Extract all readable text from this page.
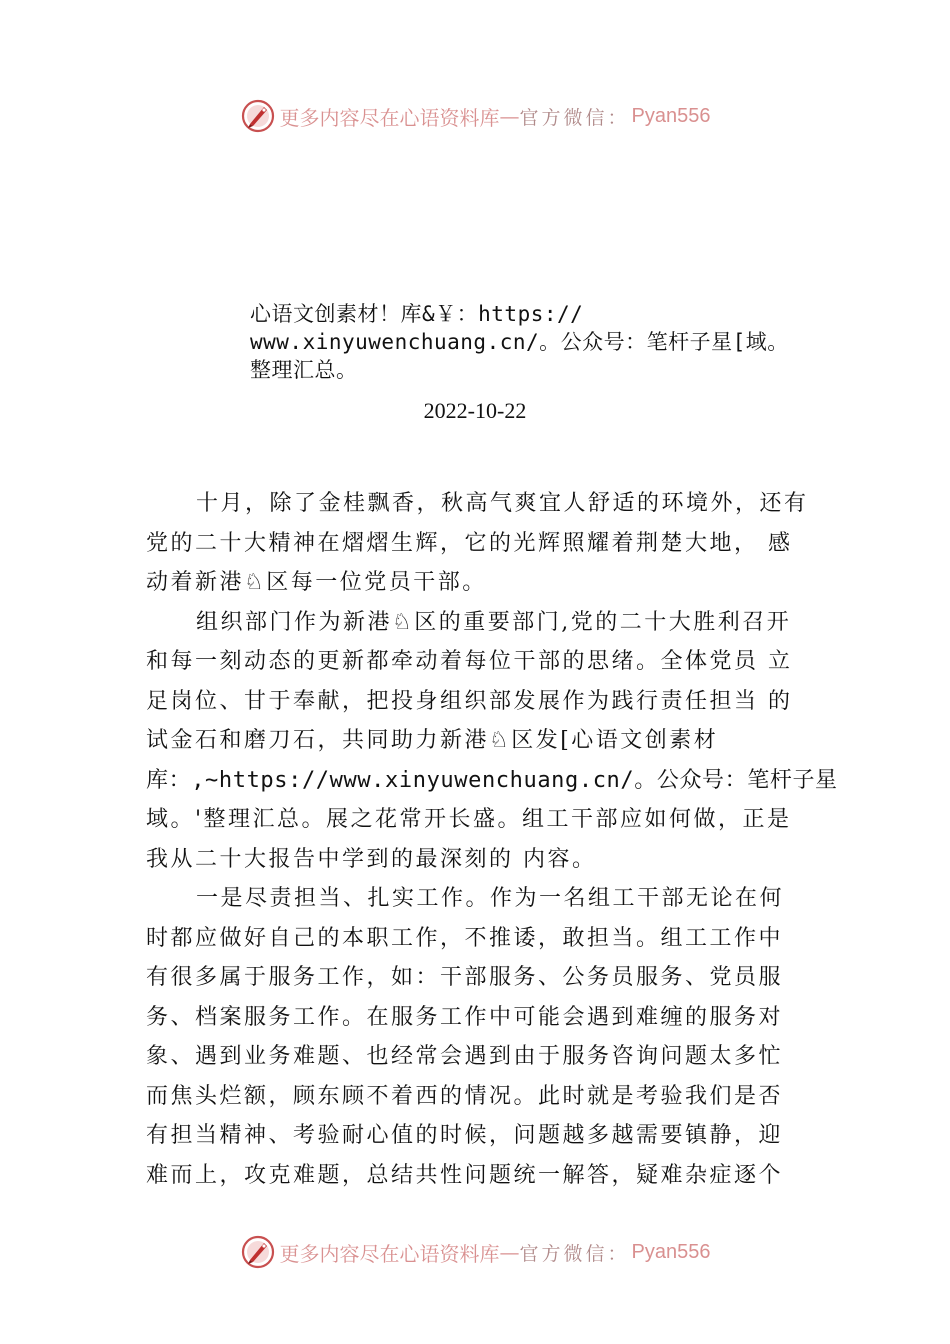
更多内容尽在心语资料库 — 官方微信： Pyan556
心语文创素材！库&￥：https://
www.xinyuwenchuang.cn/。公众号：笔杆子星[域。
整理汇总。
2022-10-22
十月，除了金桂飘香，秋高气爽宜人舒适的环境外，还有
党的二十大精神在熠熠生辉，它的光辉照耀着荆楚大地， 感
动着新港♘区每一位党员干部。
组织部门作为新港♘区的重要部门,党的二十大胜利召开
和每一刻动态的更新都牵动着每位干部的思绪。全体党员 立
足岗位、甘于奉献，把投身组织部发展作为践行责任担当 的
试金石和磨刀石，共同助力新港♘区发[心语文创素材
库：,~https://www.xinyuwenchuang.cn/。公众号：笔杆子星
域。'整理汇总。展之花常开长盛。组工干部应如何做，正是
我从二十大报告中学到的最深刻的 内容。
一是尽责担当、扎实工作。作为一名组工干部无论在何
时都应做好自己的本职工作，不推诿，敢担当。组工工作中
有很多属于服务工作，如：干部服务、公务员服务、党员服
务、档案服务工作。在服务工作中可能会遇到难缠的服务对
象、遇到业务难题、也经常会遇到由于服务咨询问题太多忙
而焦头烂额，顾东顾不着西的情况。此时就是考验我们是否
有担当精神、考验耐心值的时候，问题越多越需要镇静，迎
难而上，攻克难题，总结共性问题统一解答，疑难杂症逐个
更多内容尽在心语资料库 — 官方微信： Pyan556
